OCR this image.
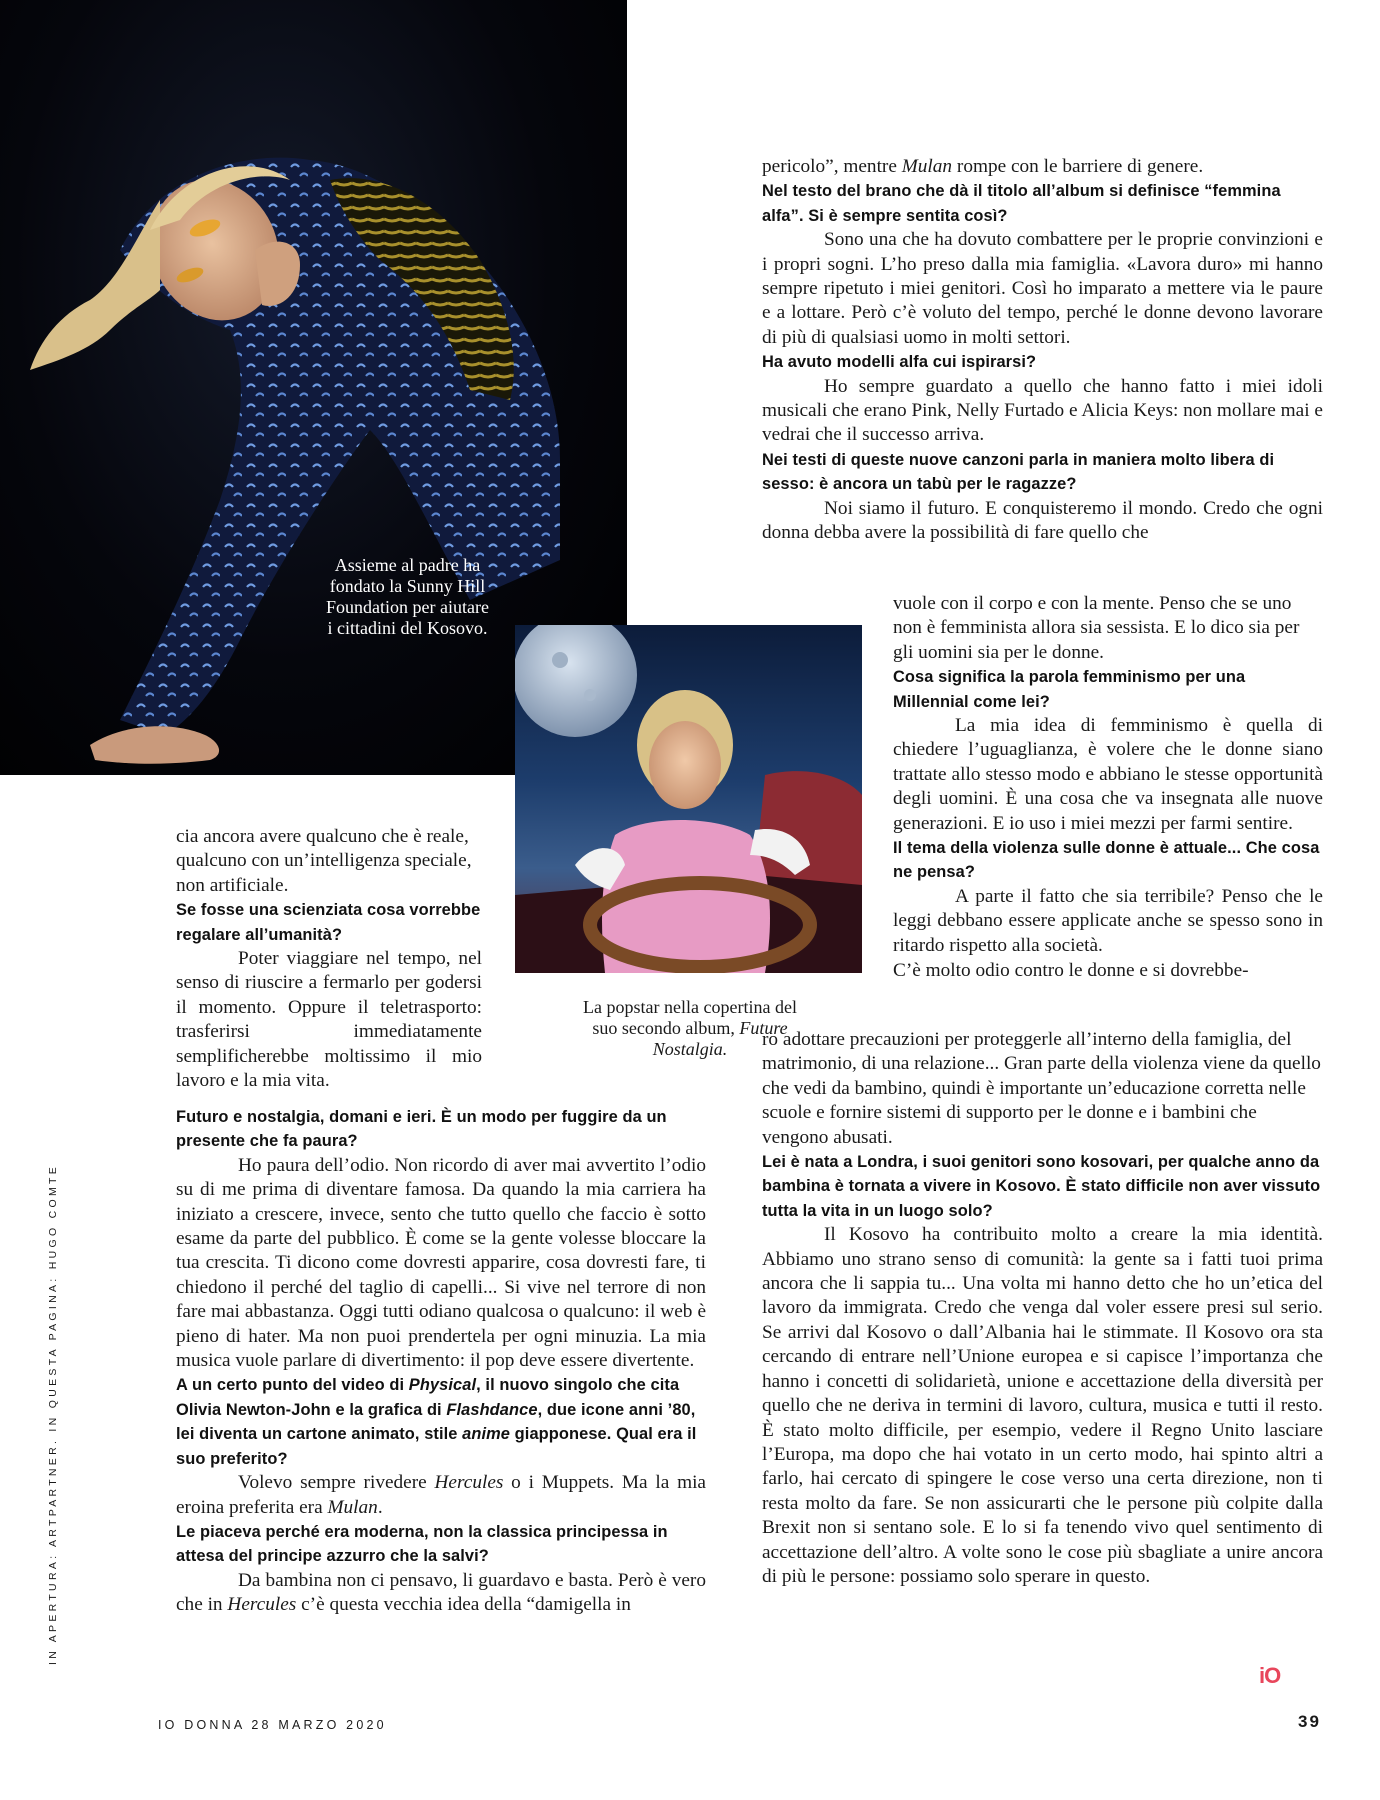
Assieme al padre ha fondato la Sunny Hill Foundation per aiutare i cittadini del Kosovo.
La popstar nella copertina del suo secondo album, Future Nostalgia.

pericolo”, mentre Mulan rompe con le barriere di genere.

Nel testo del brano che dà il titolo all’album si definisce “femmina alfa”. Si è sempre sentita così?

Sono una che ha dovuto combattere per le proprie convinzioni e i propri sogni. L’ho preso dalla mia famiglia. «Lavora duro» mi hanno sempre ripetuto i miei genitori. Così ho imparato a mettere via le paure e a lottare. Però c’è voluto del tempo, perché le donne devono lavorare di più di qualsiasi uomo in molti settori.

Ha avuto modelli alfa cui ispirarsi?

Ho sempre guardato a quello che hanno fatto i miei idoli musicali che erano Pink, Nelly Furtado e Alicia Keys: non mollare mai e vedrai che il successo arriva.

Nei testi di queste nuove canzoni parla in maniera molto libera di sesso: è ancora un tabù per le ragazze?

Noi siamo il futuro. E conquisteremo il mondo. Credo che ogni donna debba avere la possibilità di fare quello che

vuole con il corpo e con la mente. Penso che se uno non è femminista allora sia sessista. E lo dico sia per gli uomini sia per le donne.

Cosa significa la parola femminismo per una Millennial come lei?

La mia idea di femminismo è quella di chiedere l’uguaglianza, è volere che le donne siano trattate allo stesso modo e abbiano le stesse opportunità degli uomini. È una cosa che va insegnata alle nuove generazioni. E io uso i miei mezzi per farmi sentire.

Il tema della violenza sulle donne è attuale... Che cosa ne pensa?

A parte il fatto che sia terribile? Penso che le leggi debbano essere applicate anche se spesso sono in ritardo rispetto alla società.

C’è molto odio contro le donne e si dovrebbe-

ro adottare precauzioni per proteggerle all’interno della famiglia, del matrimonio, di una relazione... Gran parte della violenza viene da quello che vedi da bambino, quindi è importante un’educazione corretta nelle scuole e fornire sistemi di supporto per le donne e i bambini che vengono abusati.

Lei è nata a Londra, i suoi genitori sono kosovari, per qualche anno da bambina è tornata a vivere in Kosovo. È stato difficile non aver vissuto tutta la vita in un luogo solo?

Il Kosovo ha contribuito molto a creare la mia identità. Abbiamo uno strano senso di comunità: la gente sa i fatti tuoi prima ancora che li sappia tu... Una volta mi hanno detto che ho un’etica del lavoro da immigrata. Credo che venga dal voler essere presi sul serio. Se arrivi dal Kosovo o dall’Albania hai le stimmate. Il Kosovo ora sta cercando di entrare nell’Unione europea e si capisce l’importanza che hanno i concetti di solidarietà, unione e accettazione della diversità per quello che ne deriva in termini di lavoro, cultura, musica e tutti il resto. È stato molto difficile, per esempio, vedere il Regno Unito lasciare l’Europa, ma dopo che hai votato in un certo modo, hai spinto altri a farlo, hai cercato di spingere le cose verso una certa direzione, non ti resta molto da fare. Se non assicurarti che le persone più colpite dalla Brexit non si sentano sole. E lo si fa tenendo vivo quel sentimento di accettazione dell’altro. A volte sono le cose più sbagliate a unire ancora di più le persone: possiamo solo sperare in questo.

cia ancora avere qualcuno che è reale, qualcuno con un’intelligenza speciale, non artificiale.

Se fosse una scienziata cosa vorrebbe regalare all’umanità?

Poter viaggiare nel tempo, nel senso di riuscire a fermarlo per godersi il momento. Oppure il teletrasporto: trasferirsi immediatamente semplificherebbe moltissimo il mio lavoro e la mia vita.

Futuro e nostalgia, domani e ieri. È un modo per fuggire da un presente che fa paura?

Ho paura dell’odio. Non ricordo di aver mai avvertito l’odio su di me prima di diventare famosa. Da quando la mia carriera ha iniziato a crescere, invece, sento che tutto quello che faccio è sotto esame da parte del pubblico. È come se la gente volesse bloccare la tua crescita. Ti dicono come dovresti apparire, cosa dovresti fare, ti chiedono il perché del taglio di capelli... Si vive nel terrore di non fare mai abbastanza. Oggi tutti odiano qualcosa o qualcuno: il web è pieno di hater. Ma non puoi prendertela per ogni minuzia. La mia musica vuole parlare di divertimento: il pop deve essere divertente.

A un certo punto del video di Physical, il nuovo singolo che cita Olivia Newton-John e la grafica di Flashdance, due icone anni ’80, lei diventa un cartone animato, stile anime giapponese. Qual era il suo preferito?

Volevo sempre rivedere Hercules o i Muppets. Ma la mia eroina preferita era Mulan.

Le piaceva perché era moderna, non la classica principessa in attesa del principe azzurro che la salvi?

Da bambina non ci pensavo, li guardavo e basta. Però è vero che in Hercules c’è questa vecchia idea della “damigella in

iO
IN APERTURA: ARTPARTNER. IN QUESTA PAGINA: HUGO COMTE
IO DONNA 28 MARZO 2020	39
